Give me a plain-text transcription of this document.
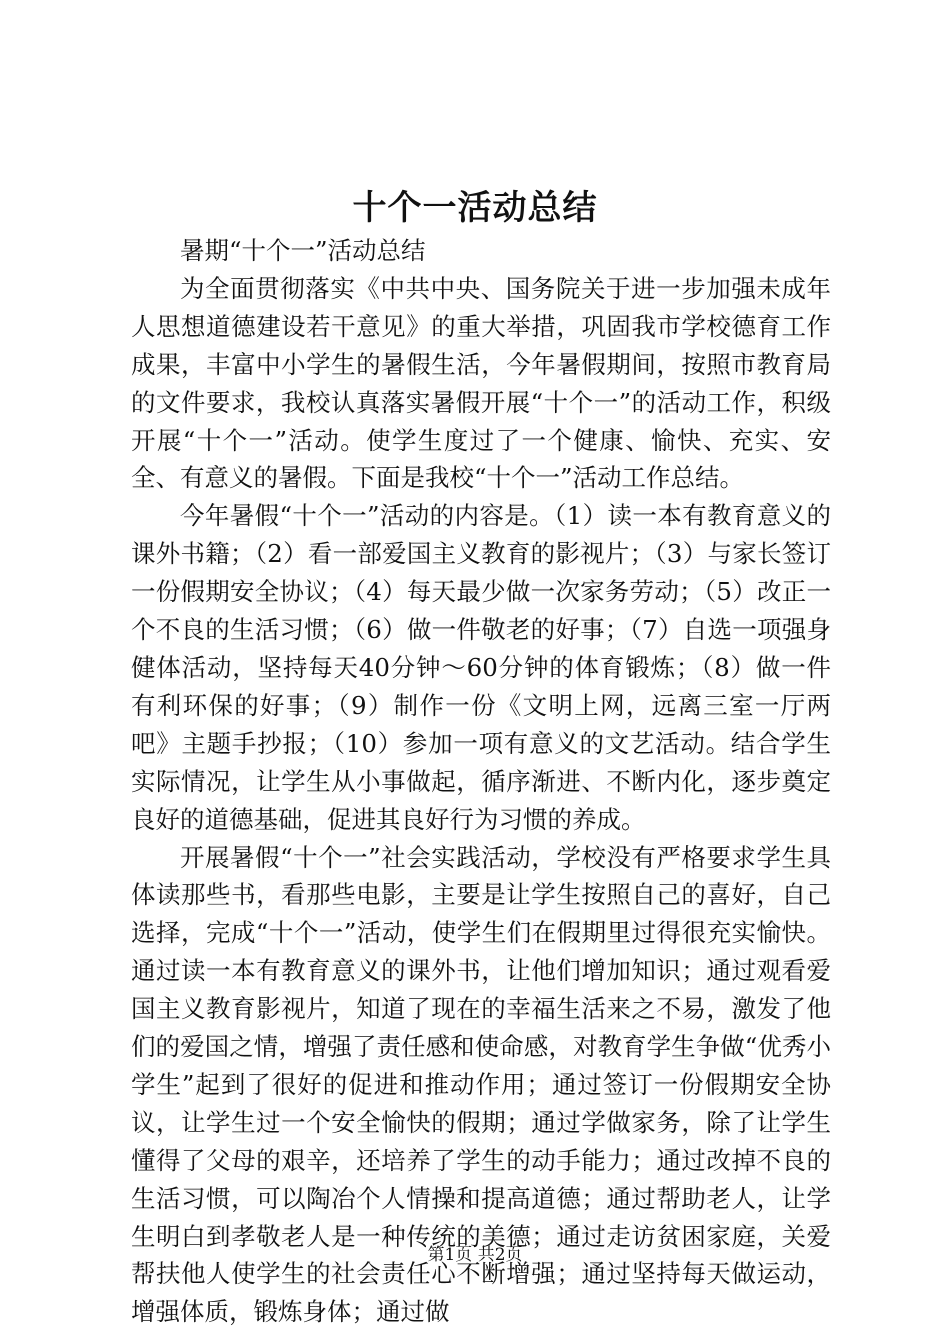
十个一活动总结

暑期“十个一”活动总结

为全面贯彻落实《中共中央、国务院关于进一步加强未成年人思想道德建设若干意见》的重大举措，巩固我市学校德育工作成果，丰富中小学生的暑假生活，今年暑假期间，按照市教育局的文件要求，我校认真落实暑假开展“十个一”的活动工作，积级开展“十个一”活动。使学生度过了一个健康、愉快、充实、安全、有意义的暑假。下面是我校“十个一”活动工作总结。

今年暑假“十个一”活动的内容是。（1）读一本有教育意义的课外书籍；（2）看一部爱国主义教育的影视片；（3）与家长签订一份假期安全协议；（4）每天最少做一次家务劳动；（5）改正一个不良的生活习惯；（6）做一件敬老的好事；（7）自选一项强身健体活动，坚持每天40分钟～60分钟的体育锻炼；（8）做一件有利环保的好事；（9）制作一份《文明上网，远离三室一厅两吧》主题手抄报；（10）参加一项有意义的文艺活动。结合学生实际情况，让学生从小事做起，循序渐进、不断内化，逐步奠定良好的道德基础，促进其良好行为习惯的养成。

开展暑假“十个一”社会实践活动，学校没有严格要求学生具体读那些书，看那些电影，主要是让学生按照自己的喜好，自己选择，完成“十个一”活动，使学生们在假期里过得很充实愉快。通过读一本有教育意义的课外书，让他们增加知识；通过观看爱国主义教育影视片，知道了现在的幸福生活来之不易，激发了他们的爱国之情，增强了责任感和使命感，对教育学生争做“优秀小学生”起到了很好的促进和推动作用；通过签订一份假期安全协议，让学生过一个安全愉快的假期；通过学做家务，除了让学生懂得了父母的艰辛，还培养了学生的动手能力；通过改掉不良的生活习惯，可以陶冶个人情操和提高道德；通过帮助老人，让学生明白到孝敬老人是一种传统的美德；通过走访贫困家庭，关爱帮扶他人使学生的社会责任心不断增强；通过坚持每天做运动，增强体质，锻炼身体；通过做

第1页 共2页
